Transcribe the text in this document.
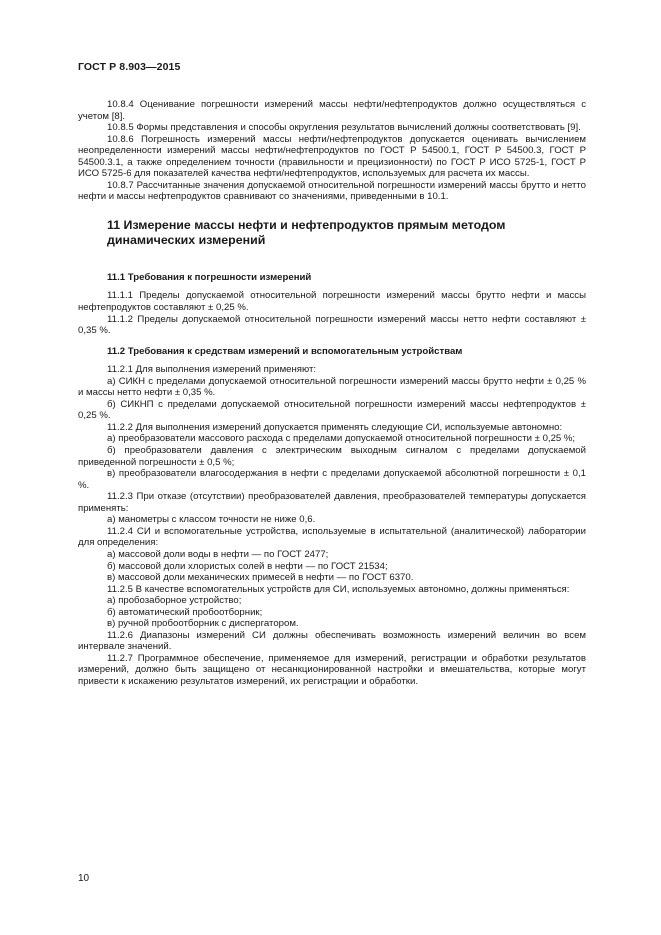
ГОСТ Р 8.903—2015

10.8.4 Оценивание погрешности измерений массы нефти/нефтепродуктов должно осуществляться с учетом [8].

10.8.5 Формы представления и способы округления результатов вычислений должны соответствовать [9].

10.8.6 Погрешность измерений массы нефти/нефтепродуктов допускается оценивать вычислением неопределенности измерений массы нефти/нефтепродуктов по ГОСТ Р 54500.1, ГОСТ Р 54500.3, ГОСТ Р 54500.3.1, а также определением точности (правильности и прецизионности) по ГОСТ Р ИСО 5725-1, ГОСТ Р ИСО 5725-6 для показателей качества нефти/нефтепродуктов, используемых для расчета их массы.

10.8.7 Рассчитанные значения допускаемой относительной погрешности измерений массы брутто и нетто нефти и массы нефтепродуктов сравнивают со значениями, приведенными в 10.1.

11 Измерение массы нефти и нефтепродуктов прямым методом динамических измерений
11.1 Требования к погрешности измерений

11.1.1 Пределы допускаемой относительной погрешности измерений массы брутто нефти и массы нефтепродуктов составляют ± 0,25 %.

11.1.2 Пределы допускаемой относительной погрешности измерений массы нетто нефти составляют ± 0,35 %.

11.2 Требования к средствам измерений и вспомогательным устройствам

11.2.1 Для выполнения измерений применяют:

а) СИКН с пределами допускаемой относительной погрешности измерений массы брутто нефти ± 0,25 % и массы нетто нефти ± 0,35 %.

б) СИКНП с пределами допускаемой относительной погрешности измерений массы нефтепродуктов ± 0,25 %.

11.2.2 Для выполнения измерений допускается применять следующие СИ, используемые автономно:

а) преобразователи массового расхода с пределами допускаемой относительной погрешности ± 0,25 %;

б) преобразователи давления с электрическим выходным сигналом с пределами допускаемой приведенной погрешности ± 0,5 %;

в) преобразователи влагосодержания в нефти с пределами допускаемой абсолютной погрешности ± 0,1 %.

11.2.3 При отказе (отсутствии) преобразователей давления, преобразователей температуры допускается применять:

а) манометры с классом точности не ниже 0,6.

11.2.4 СИ и вспомогательные устройства, используемые в испытательной (аналитической) лаборатории для определения:

а) массовой доли воды в нефти — по ГОСТ 2477;

б) массовой доли хлористых солей в нефти — по ГОСТ 21534;

в) массовой доли механических примесей в нефти — по ГОСТ 6370.

11.2.5 В качестве вспомогательных устройств для СИ, используемых автономно, должны применяться:

а) пробозаборное устройство;

б) автоматический пробоотборник;

в) ручной пробоотборник с диспергатором.

11.2.6 Диапазоны измерений СИ должны обеспечивать возможность измерений величин во всем интервале значений.

11.2.7 Программное обеспечение, применяемое для измерений, регистрации и обработки результатов измерений, должно быть защищено от несанкционированной настройки и вмешательства, которые могут привести к искажению результатов измерений, их регистрации и обработки.

10
